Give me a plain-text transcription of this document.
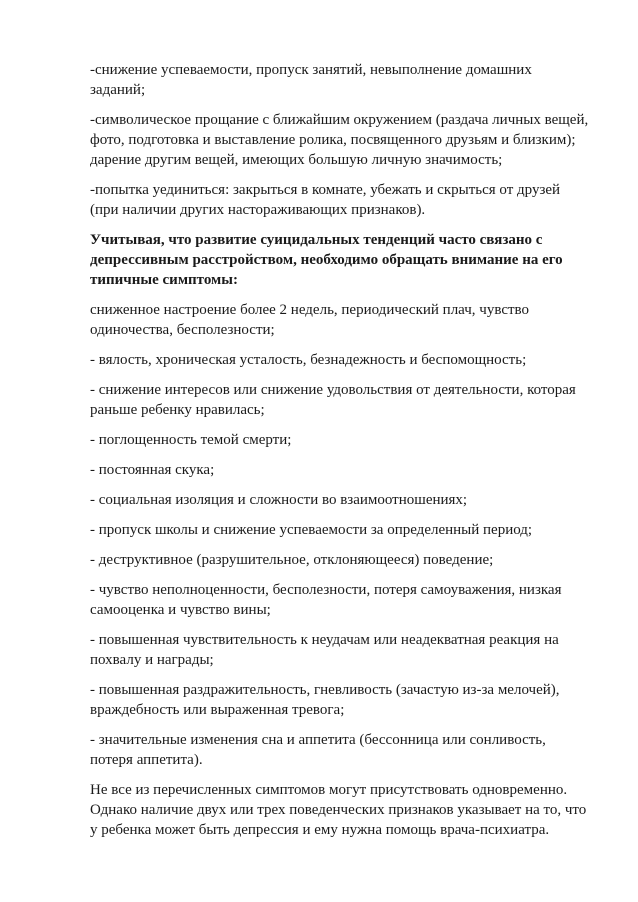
-снижение успеваемости, пропуск занятий, невыполнение домашних
заданий;

-символическое прощание с ближайшим окружением (раздача личных вещей,
фото, подготовка и выставление ролика, посвященного друзьям и близким);
дарение другим вещей, имеющих большую личную значимость;

-попытка уединиться: закрыться в комнате, убежать и скрыться от друзей
(при наличии других настораживающих признаков).

Учитывая, что развитие суицидальных тенденций часто связано с
депрессивным расстройством, необходимо обращать внимание на его
типичные симптомы:

сниженное настроение более 2 недель, периодический плач, чувство
одиночества, бесполезности;

- вялость, хроническая усталость, безнадежность и беспомощность;

- снижение интересов или снижение удовольствия от деятельности, которая
раньше ребенку нравилась;

- поглощенность темой смерти;

- постоянная скука;

- социальная изоляция и сложности во взаимоотношениях;

- пропуск школы и снижение успеваемости за определенный период;

- деструктивное (разрушительное, отклоняющееся) поведение;

- чувство неполноценности, бесполезности, потеря самоуважения, низкая
самооценка и чувство вины;

- повышенная чувствительность к неудачам или неадекватная реакция на
похвалу и награды;

- повышенная раздражительность, гневливость (зачастую из-за мелочей),
враждебность или выраженная тревога;

- значительные изменения сна и аппетита (бессонница или сонливость,
потеря аппетита).

Не все из перечисленных симптомов могут присутствовать одновременно.
Однако наличие двух или трех поведенческих признаков указывает на то, что
у ребенка может быть депрессия и ему нужна помощь врача-психиатра.
